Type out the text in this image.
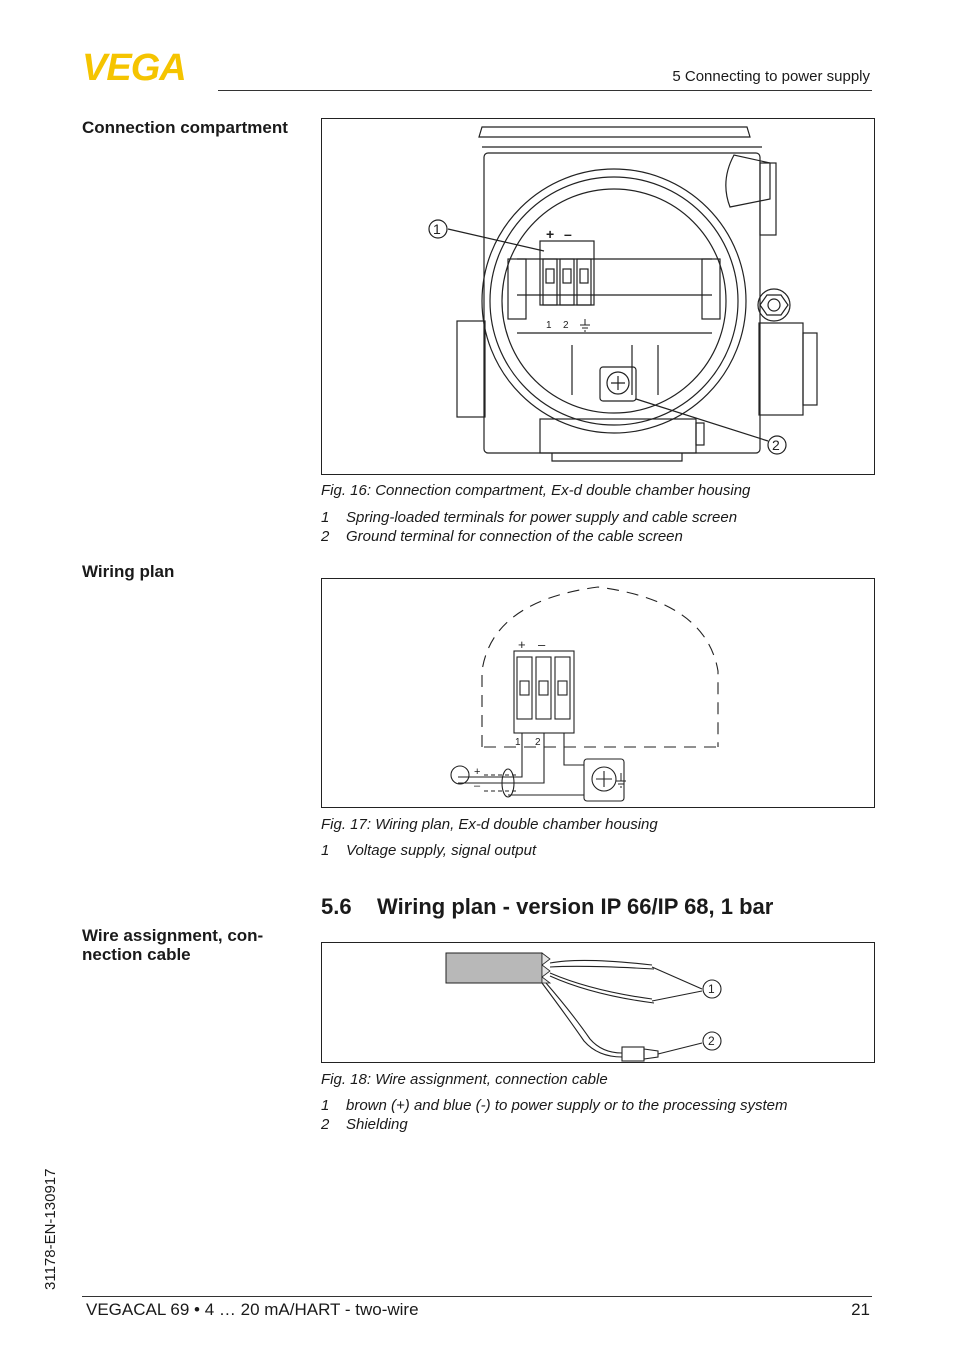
VEGA	5 Connecting to power supply
Connection compartment
+ –
1 2
1
2
Fig. 16: Connection compartment, Ex-d double chamber housing
1	Spring-loaded terminals for power supply and cable screen
2	Ground terminal for connection of the cable screen
Wiring plan
+ –
1 2
+
–
Fig. 17: Wiring plan, Ex-d double chamber housing
1	Voltage supply, signal output
5.6 Wiring plan - version IP 66/IP 68, 1 bar
Wire assignment, con-
nection cable
1
2
Fig. 18: Wire assignment, connection cable
1	brown (+) and blue (-) to power supply or to the processing system
2	Shielding
31178-EN-130917
VEGACAL 69 • 4 … 20 mA/HART - two-wire	21
